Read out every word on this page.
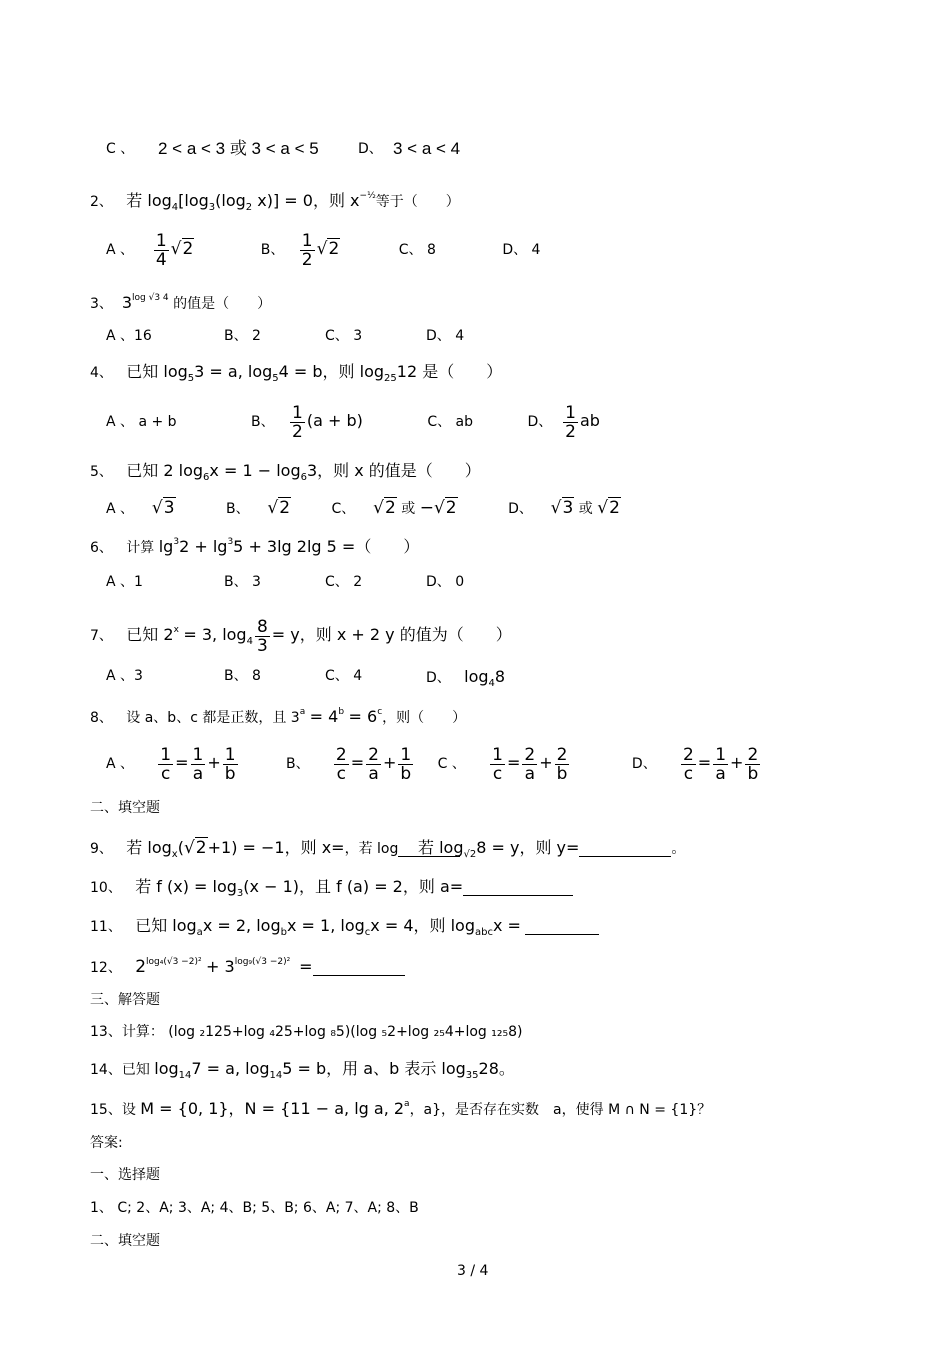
C 、 2 < a < 3 或 3 < a < 5	D、 3 < a < 4
2、 若 $\log_4[\log_3(\log_2$ x)] = 0，则 $x^{-\frac{1}{2}}$等于（　　）
A 、 $\frac{1}{4} √2$	B、 $\frac{1}{2} √2$	C、 8	D、 4
3、 $3^{log √3 4}$ 的值是（　　）
A 、16	B、 2	C、 3	D、 4
4、 已知 $\log_53 = a$, $\log_54 = b$，则 $\log_{25}12$ 是（　　）
A 、 a + b	B、 $\frac{1}{2} (a + b)$	C、 ab	D、 $\frac{1}{2}$ ab
5、 已知 2 $\log_6x = 1 - \log_63$，则 x 的值是（　　）
A 、 √3	B、 √2	C、 √2 或 −√2	D、 √3 或 √2
6、   计算 $\lg^32 + \lg^35 + 3\lg$ 2lg 5 =（　　）
A 、1	B、 3	C、 2	D、 0
7、 已知 $2^x = 3$, $\log_4 \frac{8}{3} = y$，则 x + 2 y 的值为（　　）
A 、3	B、 8	C、 4	D、 $\log_48$
8、 设 a、b、c 都是正数，且 $3^a = 4^b = 6^c$，则（　　）
A 、 $\frac{1}{c} = \frac{1}{a} + \frac{1}{b}$	B、 $\frac{2}{c} = \frac{2}{a} + \frac{1}{b}$ C 、 $\frac{1}{c} = \frac{2}{a} + \frac{2}{b}$	D、 $\frac{2}{c} = \frac{1}{a} + \frac{2}{b}$
二、填空题
9、 若 $\log_x(√2+1) = -1$，则 x=，若 log	若 $\log_{√2}8 = y$，则 y=	。
10、 若 f $(x) = \log_3(x - 1)$，且 f (a) = 2，则 a=
11、 已知 $\log_ax = 2$, $\log_bx = 1$, $\log_cx = 4$，则 $\log_{abc}x$ =
12、 $2^{log_4(√3 -2)^2} + 3^{log_9(√3 -2)^2}$ =
三、解答题
13、计算： (log ₂125+log ₄25+log ₈5)(log ₅2+log ₂₅4+log ₁₂₅8)
14、已知 $\log_{14}7 = a$, $\log_{14}5 = b$，用 a、b 表示 $\log_{35}28$。
15、设 M = {0, 1}，N = {11 − a, lg a, 2$^a$，a}，是否存在实数　a，使得 M ∩ N = {1}？
答案:
一、选择题
1、 C; 2、A; 3、A; 4、B; 5、B; 6、A; 7、A; 8、B
二、填空题
3 / 4
